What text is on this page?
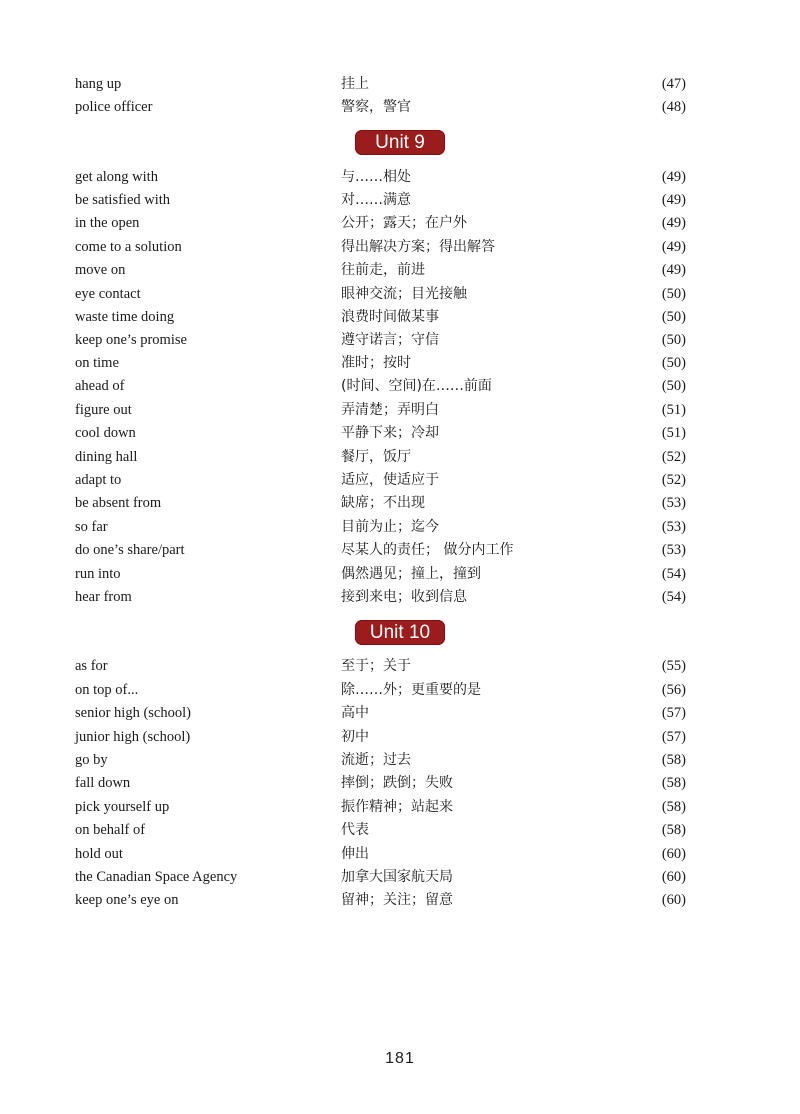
hang up	挂上	(47)
police officer	警察，警官	(48)
Unit 9
get along with	与……相处	(49)
be satisfied with	对……满意	(49)
in the open	公开；露天；在户外	(49)
come to a solution	得出解决方案；得出解答	(49)
move on	往前走，前进	(49)
eye contact	眼神交流；目光接触	(50)
waste time doing	浪费时间做某事	(50)
keep one’s promise	遵守诺言；守信	(50)
on time	准时；按时	(50)
ahead of	(时间、空间)在……前面	(50)
figure out	弄清楚；弄明白	(51)
cool down	平静下来；冷却	(51)
dining hall	餐厅，饭厅	(52)
adapt to	适应，使适应于	(52)
be absent from	缺席；不出现	(53)
so far	目前为止；迄今	(53)
do one’s share/part	尽某人的责任； 做分内工作	(53)
run into	偶然遇见；撞上，撞到	(54)
hear from	接到来电；收到信息	(54)
Unit 10
as for	至于；关于	(55)
on top of...	除……外；更重要的是	(56)
senior high (school)	高中	(57)
junior high (school)	初中	(57)
go by	流逝；过去	(58)
fall down	摔倒；跌倒；失败	(58)
pick yourself up	振作精神；站起来	(58)
on behalf of	代表	(58)
hold out	伸出	(60)
the Canadian Space Agency	加拿大国家航天局	(60)
keep one’s eye on	留神；关注；留意	(60)
181
